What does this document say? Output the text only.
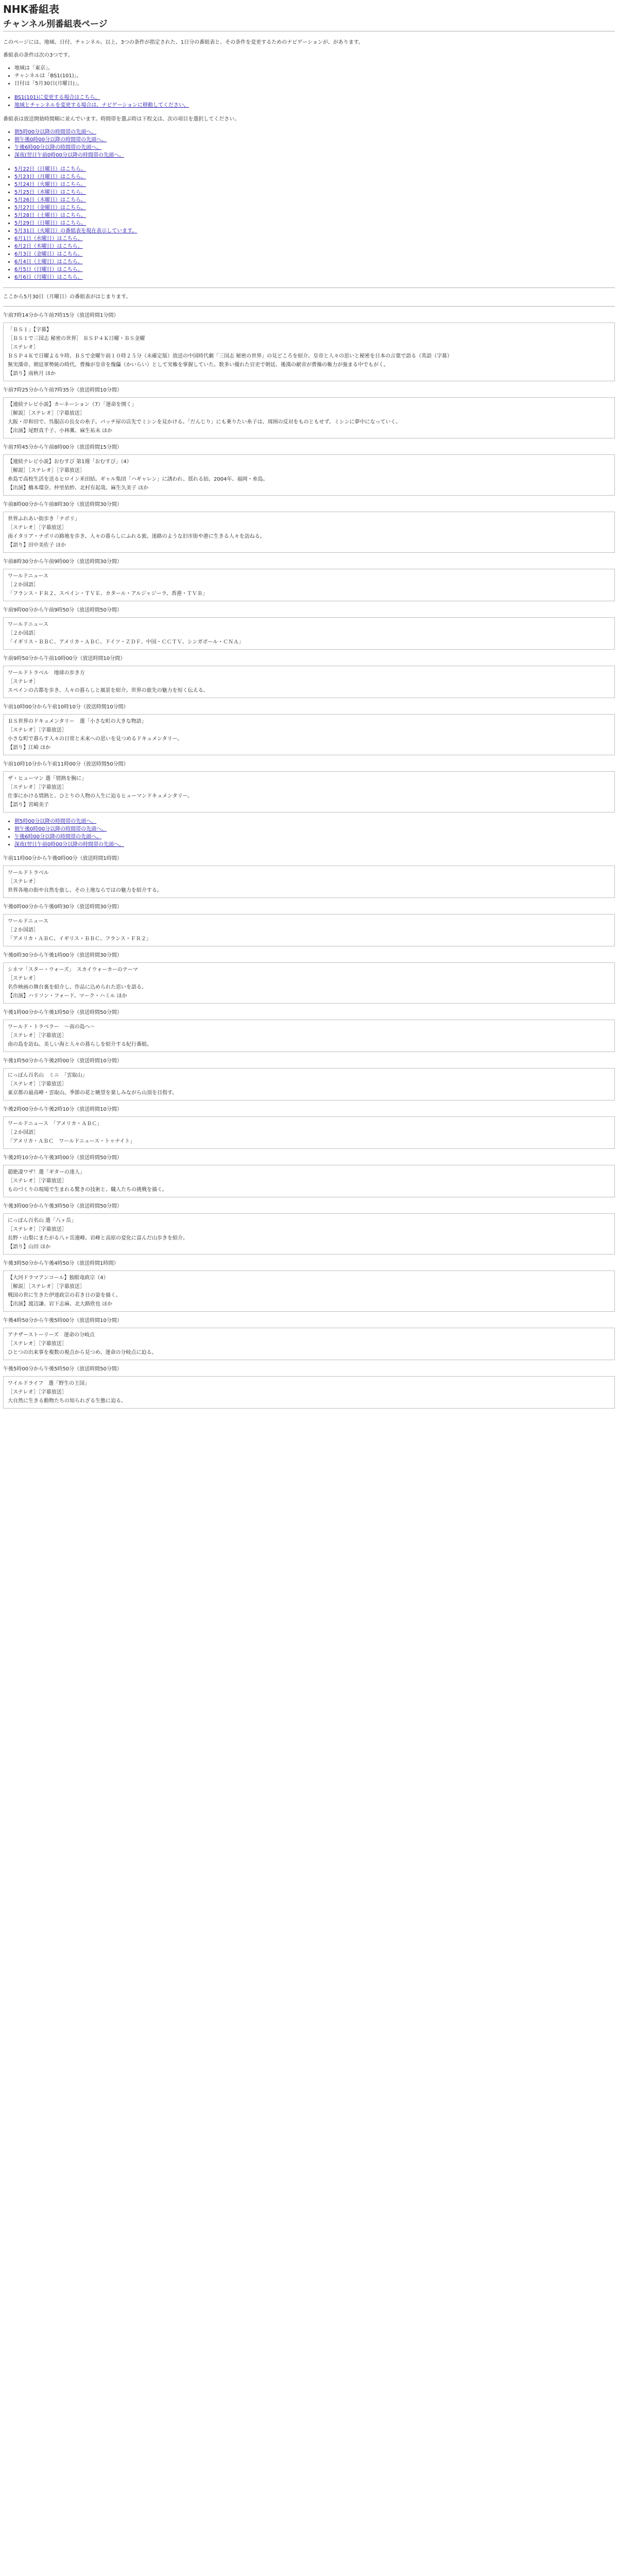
NHK番組表
チャンネル別番組表ページ

このページには、地域、日付、チャンネル、以上、3つの条件が指定された、1日分の番組表と、その条件を変更するためのナビゲーションが、があります。

番組表の条件は次の3つです。

• 地域は「東京」。
• チャンネルは「BS1(101)」。
• 日付は「5月30日(月曜日)」。
• BS1(101)に変更する場合はこちら。
• 地域とチャンネルを変更する場合は、ナビゲーションに移動してください。

番組表は放送開始時間順に並んでいます。時間帯を選ぶ時は下程文は、次の項目を選択してください。

• 朝5時00分以降の時間帯の先頭へ。
• 朝午後0時00分以降の時間帯の先頭へ。
• 午後6時00分以降の時間帯の先頭へ。
• 深夜(翌日午前0時00分以降の時間帯の先頭へ。
• 5月22日（日曜日）はこちら。
• 5月23日（月曜日）はこちら。
• 5月24日（火曜日）はこちら。
• 5月25日（水曜日）はこちら。
• 5月26日（木曜日）はこちら。
• 5月27日（金曜日）はこちら。
• 5月28日（土曜日）はこちら。
• 5月29日（日曜日）はこちら。
• 5月31日（火曜日）の番組表を現在表示しています。
• 6月1日（水曜日）はこちら。
• 6月2日（木曜日）はこちら。
• 6月3日（金曜日）はこちら。
• 6月4日（土曜日）はこちら。
• 6月5日（日曜日）はこちら。
• 6月6日（月曜日）はこちら。

ここから5月30日（月曜日）の番組表がはじまります。

午前7時14分から午前7時15分（放送時間1分間）
「ＢＳ１」【字幕】
［ＢＳ１で三国志 秘密の世界］ ＢＳＰ４Ｋ日曜・ＢＳ金曜
［ステレオ］
ＢＳＰ４Ｋで日曜よる９時、ＢＳで金曜午前１０時２５分（未確定版）放送の中国時代劇「三国志 秘密の世界」の見どころを紹介。皇帝と人々の思いと秘密を日本の言葉で語る（英語（字幕）
無実漢帝、朝廷軍勢統の時代、曹操が皇帝を傀儡（かいらい）として実権を掌握していた。数多い優れた官吏で朝廷、後漢の献帝が曹操の権力が強まる中でもがく。
【語り】南秋月 ほか
午前7時25分から午前7時35分（放送時間10分間）
【連続テレビ小説】カーネーション（7）「運命を開く」
［解説］［ステレオ］［字幕放送］
大阪・岸和田で、呉服店の長女の糸子。パッチ屋の店先でミシンを見かける。「だんじり」にも乗りたい糸子は、周囲の反対をものともせず、ミシンに夢中になっていく。
【出演】尾野真千子、小林薫、麻生祐未 ほか
午前7時45分から午前8時00分（放送時間15分間）
【連続テレビ小説】おむすび 第1週「おむすび」（4）
［解説］［ステレオ］［字幕放送］
糸島で高校生活を送るヒロイン米田結。ギャル集団「ハギャレン」に誘われ、揺れる結。2004年、福岡・糸島。
【出演】橋本環奈、仲里依紗、北村有起哉、麻生久美子 ほか
午前8時00分から午前8時30分（放送時間30分間）
世界ふれあい街歩き「ナポリ」
［ステレオ］［字幕放送］
南イタリア・ナポリの路地を歩き、人々の暮らしにふれる旅。迷路のような旧市街や港に生きる人々を訪ねる。
【語り】田中美佐子 ほか
午前8時30分から午前9時00分（放送時間30分間）
ワールドニュース
［２か国語］
「フランス・ＦＲ２、スペイン・ＴＶＥ、カタール・アルジャジーラ、香港・ＴＶＢ」
午前9時00分から午前9時50分（放送時間50分間）
ワールドニュース
［２か国語］
「イギリス・ＢＢＣ、アメリカ・ＡＢＣ、ドイツ・ＺＤＦ、中国・ＣＣＴＶ、シンガポール・ＣＮＡ」
午前9時50分から午前10時00分（放送時間10分間）
ワールドトラベル　地球の歩き方
［ステレオ］
スペインの古都を歩き、人々の暮らしと風景を紹介。世界の旅先の魅力を短く伝える。
午前10時00分から午前10時10分（放送時間10分間）
ＢＳ世界のドキュメンタリー　選「小さな町の大きな物語」
［ステレオ］［字幕放送］
小さな町で暮らす人々の日常と未来への思いを見つめるドキュメンタリー。
【語り】江崎 ほか
午前10時10分から午前11時00分（放送時間50分間）
ザ・ヒューマン 選「情熱を胸に」
［ステレオ］［字幕放送］
仕事にかける情熱と、ひとりの人物の人生に迫るヒューマンドキュメンタリー。
【語り】宮崎美子
• 朝5時00分以降の時間帯の先頭へ。
• 朝午後0時00分以降の時間帯の先頭へ。
• 午後6時00分以降の時間帯の先頭へ。
• 深夜(翌日午前0時00分以降の時間帯の先頭へ。
午前11時00分から午後0時00分（放送時間1時間）
ワールドトラベル
［ステレオ］
世界各地の街や自然を旅し、その土地ならではの魅力を紹介する。
午後0時00分から午後0時30分（放送時間30分間）
ワールドニュース
［２か国語］
「アメリカ・ＡＢＣ、イギリス・ＢＢＣ、フランス・ＦＲ２」
午後0時30分から午後1時00分（放送時間30分間）
シネマ「スター・ウォーズ」　スカイウォーカーのテーマ
［ステレオ］
名作映画の舞台裏を紹介し、作品に込められた思いを語る。
【出演】ハリソン・フォード、マーク・ハミル ほか
午後1時00分から午後1時50分（放送時間50分間）
ワールド・トラベラー　～南の島へ～
［ステレオ］［字幕放送］
南の島を訪ね、美しい海と人々の暮らしを紹介する紀行番組。
午後1時50分から午後2時00分（放送時間10分間）
にっぽん百名山　ミニ　「雲取山」
［ステレオ］［字幕放送］
東京都の最高峰・雲取山。季節の花と眺望を楽しみながら山頂を目指す。
午後2時00分から午後2時10分（放送時間10分間）
ワールドニュース　「アメリカ・ＡＢＣ」
［２か国語］
「アメリカ・ＡＢＣ　ワールドニュース・トゥナイト」
午後2時10分から午後3時00分（放送時間50分間）
超絶凄ワザ！選「ギターの達人」
［ステレオ］［字幕放送］
ものづくりの現場で生まれる驚きの技術と、職人たちの挑戦を描く。
午後3時00分から午後3時50分（放送時間50分間）
にっぽん百名山 選「八ヶ岳」
［ステレオ］［字幕放送］
長野・山梨にまたがる八ヶ岳連峰。岩峰と高原の変化に富んだ山歩きを紹介。
【語り】山田 ほか
午後3時50分から午後4時50分（放送時間1時間）
【大河ドラマアンコール】独眼竜政宗（4）
［解説］［ステレオ］［字幕放送］
戦国の世に生きた伊達政宗の若き日の姿を描く。
【出演】渡辺謙、岩下志麻、北大路欣也 ほか
午後4時50分から午後5時00分（放送時間10分間）
アナザーストーリーズ　運命の分岐点
［ステレオ］［字幕放送］
ひとつの出来事を複数の視点から見つめ、運命の分岐点に迫る。
午後5時00分から午後5時50分（放送時間50分間）
ワイルドライフ　選「野生の王国」
［ステレオ］［字幕放送］
大自然に生きる動物たちの知られざる生態に迫る。
